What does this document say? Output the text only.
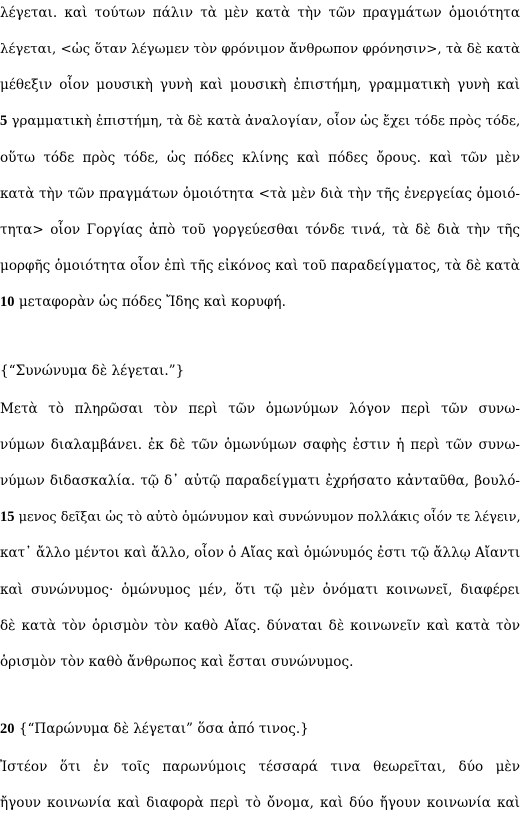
λέγεται. καὶ τούτων πάλιν τὰ μὲν κατὰ τὴν τῶν πραγμάτων ὁμοιότητα
λέγεται, <ὡς ὅταν λέγωμεν τὸν φρόνιμον ἄνθρωπον φρόνησιν>, τὰ δὲ κατὰ
μέθεξιν οἷον μουσικὴ γυνὴ καὶ μουσικὴ ἐπιστήμη, γραμματικὴ γυνὴ καὶ
5 γραμματικὴ ἐπιστήμη, τὰ δὲ κατὰ ἀναλογίαν, οἷον ὡς ἔχει τόδε πρὸς τόδε,
οὕτω τόδε πρὸς τόδε, ὡς πόδες κλίνης καὶ πόδες ὄρους. καὶ τῶν μὲν
κατὰ τὴν τῶν πραγμάτων ὁμοιότητα <τὰ μὲν διὰ τὴν τῆς ἐνεργείας ὁμοιό-
τητα> οἷον Γοργίας ἀπὸ τοῦ γοργεύεσθαι τόνδε τινά, τὰ δὲ διὰ τὴν τῆς
μορφῆς ὁμοιότητα οἷον ἐπὶ τῆς εἰκόνος καὶ τοῦ παραδείγματος, τὰ δὲ κατὰ
10 μεταφορὰν ὡς πόδες Ἴδης καὶ κορυφή.
{“Συνώνυμα δὲ λέγεται.”}
Μετὰ τὸ πληρῶσαι τὸν περὶ τῶν ὁμωνύμων λόγον περὶ τῶν συνω-
νύμων διαλαμβάνει. ἐκ δὲ τῶν ὁμωνύμων σαφὴς ἐστιν ἡ περὶ τῶν συνω-
νύμων διδασκαλία. τῷ δ᾽ αὐτῷ παραδείγματι ἐχρήσατο κἀνταῦθα, βουλό-
15 μενος δεῖξαι ὡς τὸ αὐτὸ ὁμώνυμον καὶ συνώνυμον πολλάκις οἷόν τε λέγειν,
κατ᾽ ἄλλο μέντοι καὶ ἄλλο, οἷον ὁ Αἴας καὶ ὁμώνυμός ἐστι τῷ ἄλλῳ Αἴαντι
καὶ συνώνυμος· ὁμώνυμος μέν, ὅτι τῷ μὲν ὀνόματι κοινωνεῖ, διαφέρει
δὲ κατὰ τὸν ὁρισμὸν τὸν καθὸ Αἴας. δύναται δὲ κοινωνεῖν καὶ κατὰ τὸν
ὁρισμὸν τὸν καθὸ ἄνθρωπος καὶ ἔσται συνώνυμος.
20 {“Παρώνυμα δὲ λέγεται” ὅσα ἀπό τινος.}
Ἰστέον ὅτι ἐν τοῖς παρωνύμοις τέσσαρά τινα θεωρεῖται, δύο μὲν
ἤγουν κοινωνία καὶ διαφορὰ περὶ τὸ ὄνομα, καὶ δύο ἤγουν κοινωνία καὶ
